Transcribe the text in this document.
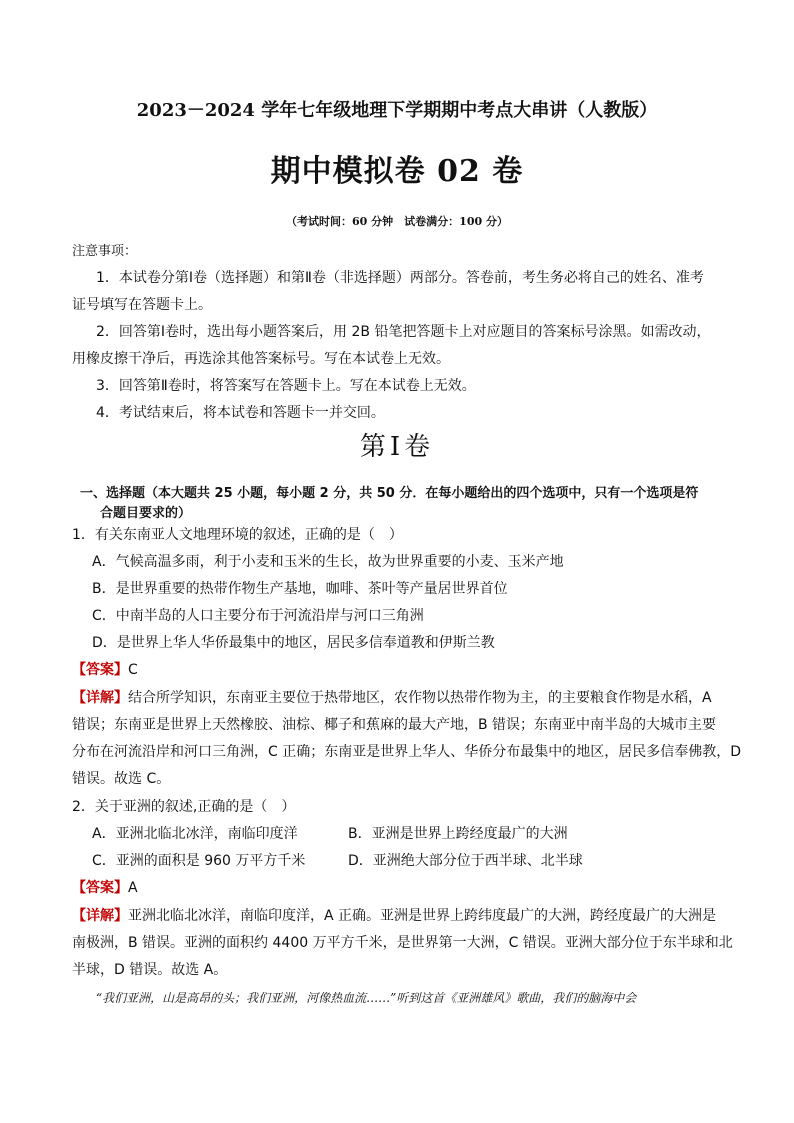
2023－2024 学年七年级地理下学期期中考点大串讲（人教版）
期中模拟卷 02 卷
（考试时间：60 分钟　试卷满分：100 分）
注意事项：
1．本试卷分第Ⅰ卷（选择题）和第Ⅱ卷（非选择题）两部分。答卷前，考生务必将自己的姓名、准考
证号填写在答题卡上。
2．回答第Ⅰ卷时，选出每小题答案后，用 2B 铅笔把答题卡上对应题目的答案标号涂黑。如需改动，
用橡皮擦干净后，再选涂其他答案标号。写在本试卷上无效。
3．回答第Ⅱ卷时，将答案写在答题卡上。写在本试卷上无效。
4．考试结束后，将本试卷和答题卡一并交回。
第Ⅰ卷
一、选择题（本大题共 25 小题，每小题 2 分，共 50 分．在每小题给出的四个选项中，只有一个选项是符
合题目要求的）
1．有关东南亚人文地理环境的叙述，正确的是（　）
A．气候高温多雨，利于小麦和玉米的生长，故为世界重要的小麦、玉米产地
B．是世界重要的热带作物生产基地，咖啡、茶叶等产量居世界首位
C．中南半岛的人口主要分布于河流沿岸与河口三角洲
D．是世界上华人华侨最集中的地区，居民多信奉道教和伊斯兰教
【答案】C
【详解】结合所学知识，东南亚主要位于热带地区，农作物以热带作物为主，的主要粮食作物是水稻，A
错误；东南亚是世界上天然橡胶、油棕、椰子和蕉麻的最大产地，B 错误；东南亚中南半岛的大城市主要
分布在河流沿岸和河口三角洲，C 正确；东南亚是世界上华人、华侨分布最集中的地区，居民多信奉佛教，D
错误。故选 C。
2．关于亚洲的叙述,正确的是（　）
A．亚洲北临北冰洋，南临印度洋	B．亚洲是世界上跨经度最广的大洲
C．亚洲的面积是 960 万平方千米	D．亚洲绝大部分位于西半球、北半球
【答案】A
【详解】亚洲北临北冰洋，南临印度洋，A 正确。亚洲是世界上跨纬度最广的大洲，跨经度最广的大洲是
南极洲，B 错误。亚洲的面积约 4400 万平方千米，是世界第一大洲，C 错误。亚洲大部分位于东半球和北
半球，D 错误。故选 A。
“我们亚洲，山是高昂的头；我们亚洲，河像热血流……”听到这首《亚洲雄风》歌曲，我们的脑海中会
